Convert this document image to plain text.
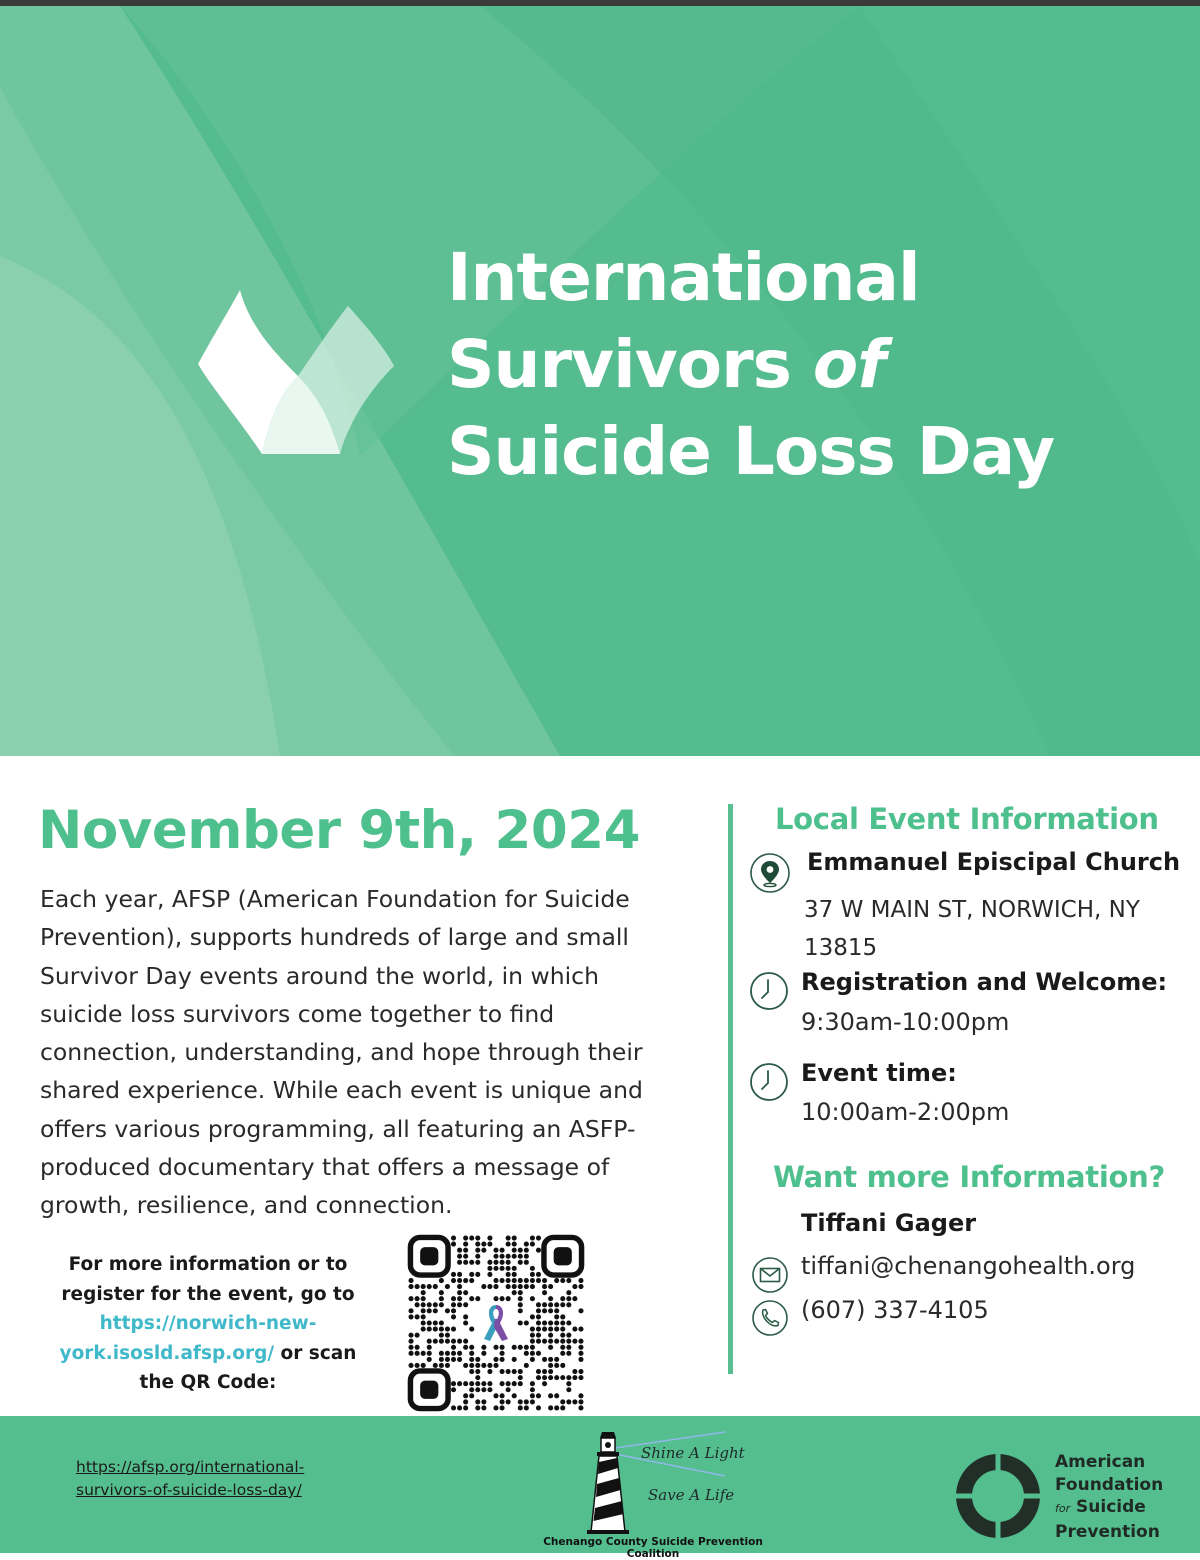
International
Survivors of
Suicide Loss Day
November 9th, 2024

Each year, AFSP (American Foundation for Suicide Prevention), supports hundreds of large and small Survivor Day events around the world, in which suicide loss survivors come together to find connection, understanding, and hope through their shared experience. While each event is unique and offers various programming, all featuring an ASFP-produced documentary that offers a message of growth, resilience, and connection.

For more information or to register for the event, go to https://norwich-new-york.isosld.afsp.org/ or scan the QR Code:
Local Event Information
Emmanuel Episcipal Church
37 W MAIN ST, NORWICH, NY 13815
Registration and Welcome:
9:30am-10:00pm
Event time:
10:00am-2:00pm
Want more Information?
Tiffani Gager
tiffani@chenangohealth.org
(607) 337-4105
https://afsp.org/international-survivors-of-suicide-loss-day/
Shine A Light
Save A Life
Chenango County Suicide Prevention Coalition
American
Foundation
for Suicide
Prevention
